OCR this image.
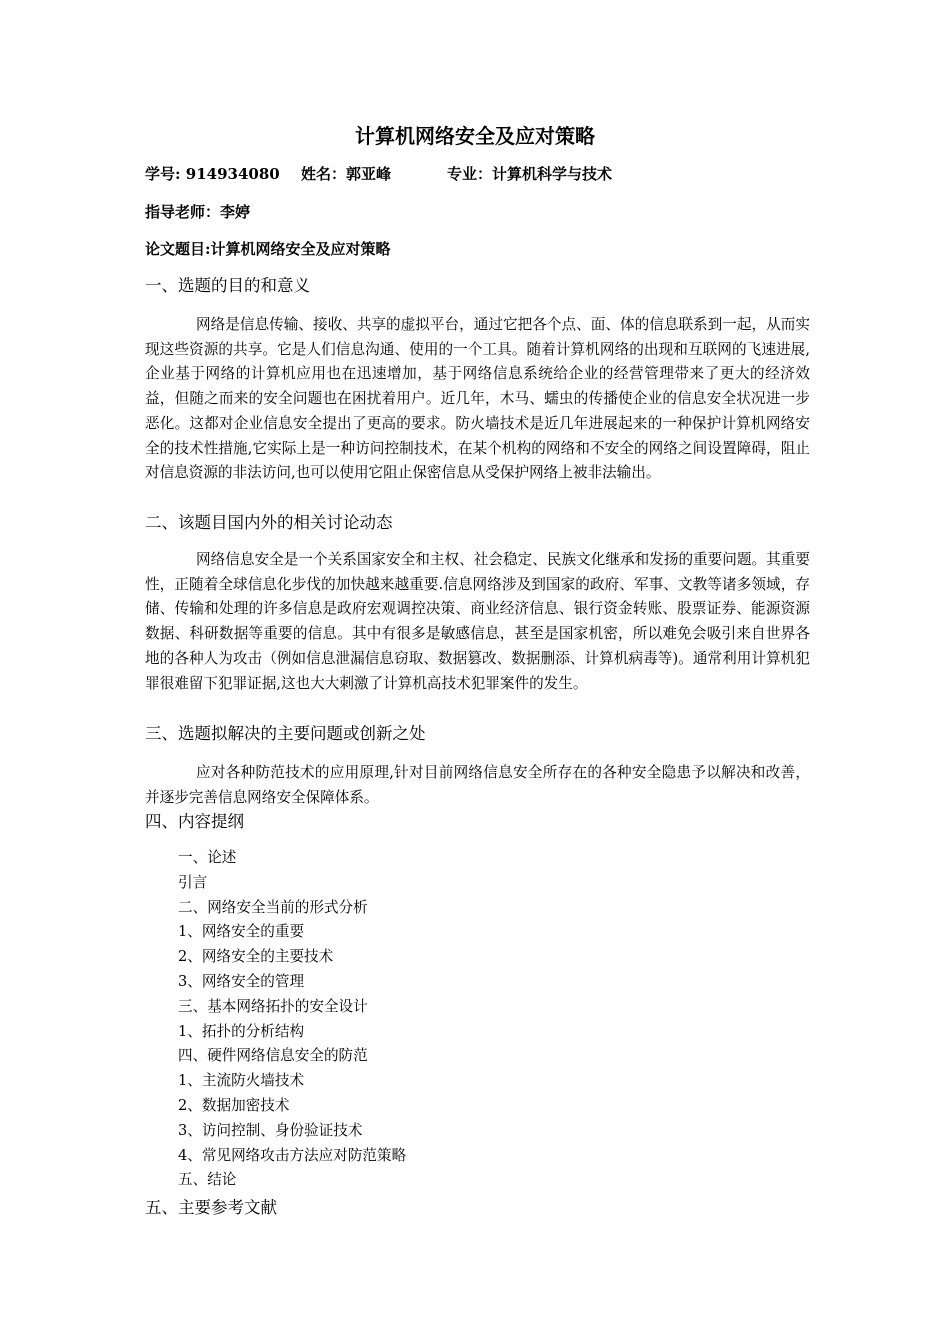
计算机网络安全及应对策略
学号: 914934080 姓名：郭亚峰	专业：计算机科学与技术
指导老师：李婷
论文题目:计算机网络安全及应对策略
一、选题的目的和意义

网络是信息传输、接收、共享的虚拟平台，通过它把各个点、面、体的信息联系到一起，从而实现这些资源的共享。它是人们信息沟通、使用的一个工具。随着计算机网络的出现和互联网的飞速进展,企业基于网络的计算机应用也在迅速增加，基于网络信息系统给企业的经营管理带来了更大的经济效益，但随之而来的安全问题也在困扰着用户。近几年，木马、蠕虫的传播使企业的信息安全状况进一步恶化。这都对企业信息安全提出了更高的要求。防火墙技术是近几年进展起来的一种保护计算机网络安全的技术性措施,它实际上是一种访问控制技术，在某个机构的网络和不安全的网络之间设置障碍，阻止对信息资源的非法访问,也可以使用它阻止保密信息从受保护网络上被非法输出。

二、该题目国内外的相关讨论动态

网络信息安全是一个关系国家安全和主权、社会稳定、民族文化继承和发扬的重要问题。其重要性，正随着全球信息化步伐的加快越来越重要.信息网络涉及到国家的政府、军事、文教等诸多领域，存储、传输和处理的许多信息是政府宏观调控决策、商业经济信息、银行资金转账、股票证券、能源资源数据、科研数据等重要的信息。其中有很多是敏感信息，甚至是国家机密，所以难免会吸引来自世界各地的各种人为攻击（例如信息泄漏信息窃取、数据篡改、数据删添、计算机病毒等)。通常利用计算机犯罪很难留下犯罪证据,这也大大刺激了计算机高技术犯罪案件的发生。

三、选题拟解决的主要问题或创新之处

应对各种防范技术的应用原理,针对目前网络信息安全所存在的各种安全隐患予以解决和改善，并逐步完善信息网络安全保障体系。

四、内容提纲
一、论述
引言
二、网络安全当前的形式分析
1、网络安全的重要
2、网络安全的主要技术
3、网络安全的管理
三、基本网络拓扑的安全设计
1、拓扑的分析结构
四、硬件网络信息安全的防范
1、主流防火墙技术
2、数据加密技术
3、访问控制、身份验证技术
4、常见网络攻击方法应对防范策略
五、结论
五、主要参考文献
